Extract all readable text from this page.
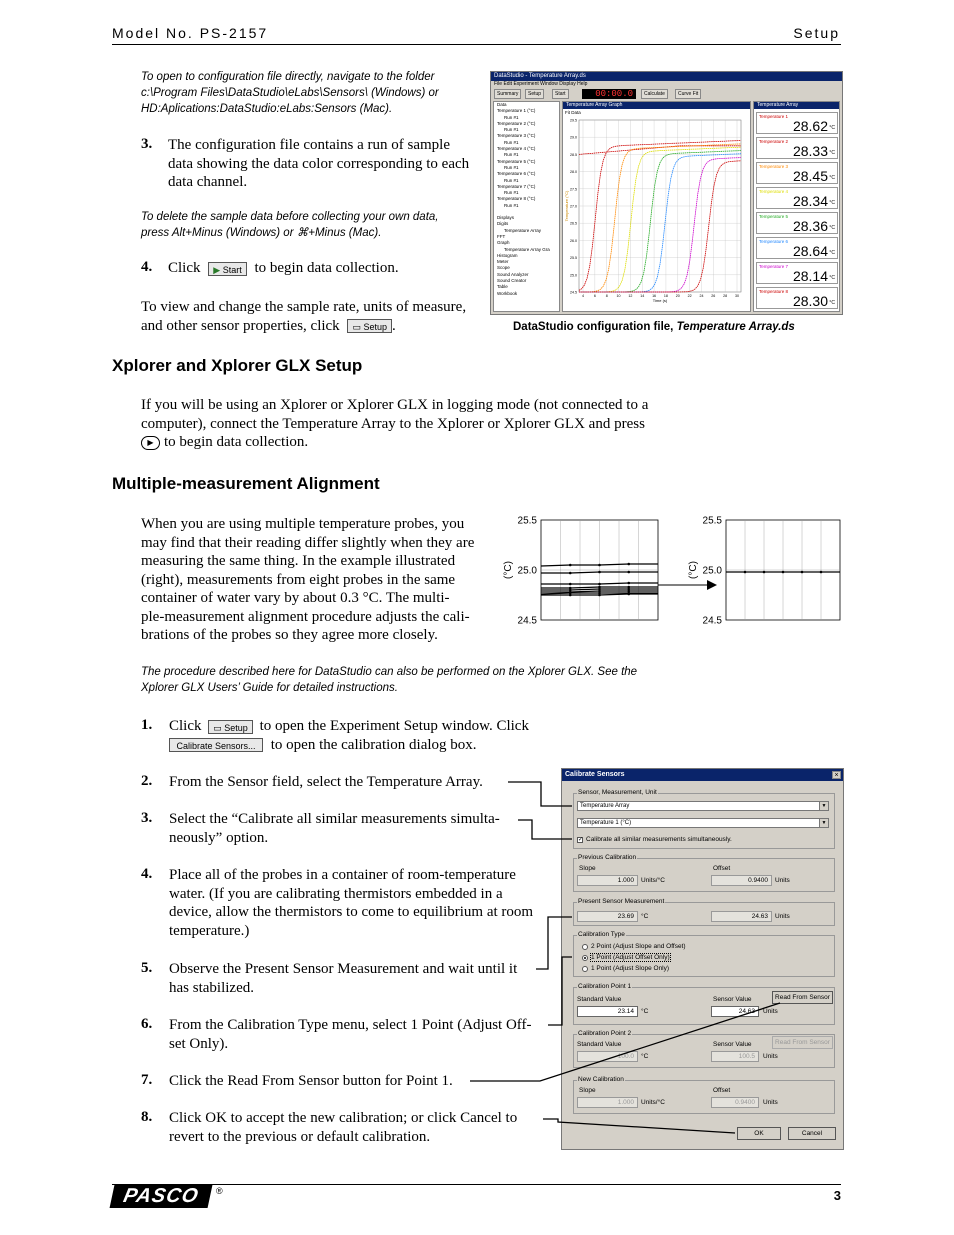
Model No. PS-2157	Setup
To open to configuration file directly, navigate to the folder
c:\Program Files\DataStudio\eLabs\Sensors\ (Windows) or
HD:Aplications:DataStudio:eLabs:Sensors (Mac).
3. The configuration file contains a run of sample
data showing the data color corresponding to each
data channel.
To delete the sample data before collecting your own data,
press Alt+Minus (Windows) or ⌘+Minus (Mac).
4. Click ▶ Start to begin data collection.
To view and change the sample rate, units of measure,
and other sensor properties, click ▭ Setup .
DataStudio - Temperature Array.ds
File Edit Experiment Window Display Help
Summary	Setup	Start	00:00.0	Calculate	Curve Fit
Data
Temperature 1 (°C)
Run #1
Temperature 2 (°C)
Run #1
Temperature 3 (°C)
Run #1
Temperature 4 (°C)
Run #1
Temperature 5 (°C)
Run #1
Temperature 6 (°C)
Run #1
Temperature 7 (°C)
Run #1
Temperature 8 (°C)
Run #1
Displays
Digits
Temperature Array
FFT
Graph
Temperature Array Gra
Histogram
Meter
Scope
Sound Analyzer
Sound Creator
Table
Workbook
Temperature Array Graph
Fit Data
29.5
29.0
28.5
28.0
27.5
27.0
26.5
26.0
25.5
25.0
24.5
4	6	8 10 12 14 16 18 20 22 24 26 28 30
Time (s)
Temperature (°C)
Temperature Array
Temperature 1
28.62 °C
Temperature 2
28.33 °C
Temperature 3
28.45 °C
Temperature 4
28.34 °C
Temperature 5
28.36 °C
Temperature 6
28.64 °C
Temperature 7
28.14 °C
Temperature 8
28.30 °C
DataStudio configuration file, Temperature Array.ds
Xplorer and Xplorer GLX Setup
If you will be using an Xplorer or Xplorer GLX in logging mode (not connected to a
computer), connect the Temperature Array to the Xplorer or Xplorer GLX and press
▶ to begin data collection.
Multiple-measurement Alignment
When you are using multiple temperature probes, you
may find that their reading differ slightly when they are
measuring the same thing. In the example illustrated
(right), measurements from eight probes in the same
container of water vary by about 0.3 °C. The multi-
ple-measurement alignment procedure adjusts the cali-
brations of the probes so they agree more closely.
25.5
25.0
24.5
(°C)
25.5
25.0
24.5
(°C)
The procedure described here for DataStudio can also be performed on the Xplorer GLX. See the
Xplorer GLX Users’ Guide for detailed instructions.
1. Click ▭ Setup to open the Experiment Setup window. Click
Calibrate Sensors... to open the calibration dialog box.
2. From the Sensor field, select the Temperature Array.
3. Select the “Calibrate all similar measurements simulta-
neously” option.
4. Place all of the probes in a container of room-temperature
water. (If you are calibrating thermistors embedded in a
device, allow the thermistors to come to equilibrium at room
temperature.)
5. Observe the Present Sensor Measurement and wait until it
has stabilized.
6. From the Calibration Type menu, select 1 Point (Adjust Off-
set Only).
7. Click the Read From Sensor button for Point 1.
8. Click OK to accept the new calibration; or click Cancel to
revert to the previous or default calibration.
Calibrate Sensors	×
Sensor, Measurement, Unit
Temperature Array	▼
Temperature 1 (°C)	▼
✓ Calibrate all similar measurements simultaneously.
Previous Calibration
Slope	Offset
1.000	Units/°C	0.9400	Units
Present Sensor Measurement
23.69	°C	24.63	Units
Calibration Type
2 Point (Adjust Slope and Offset)
1 Point (Adjust Offset Only)
1 Point (Adjust Slope Only)
Calibration Point 1
Standard Value	Sensor Value	Read From Sensor
23.14	°C	24.63	Units
Calibration Point 2
Standard Value	Sensor Value	Read From Sensor
100.0	°C	100.5	Units
New Calibration
Slope	Offset
1.000	Units/°C	0.9400	Units
OK	Cancel
PASCO	®	3
